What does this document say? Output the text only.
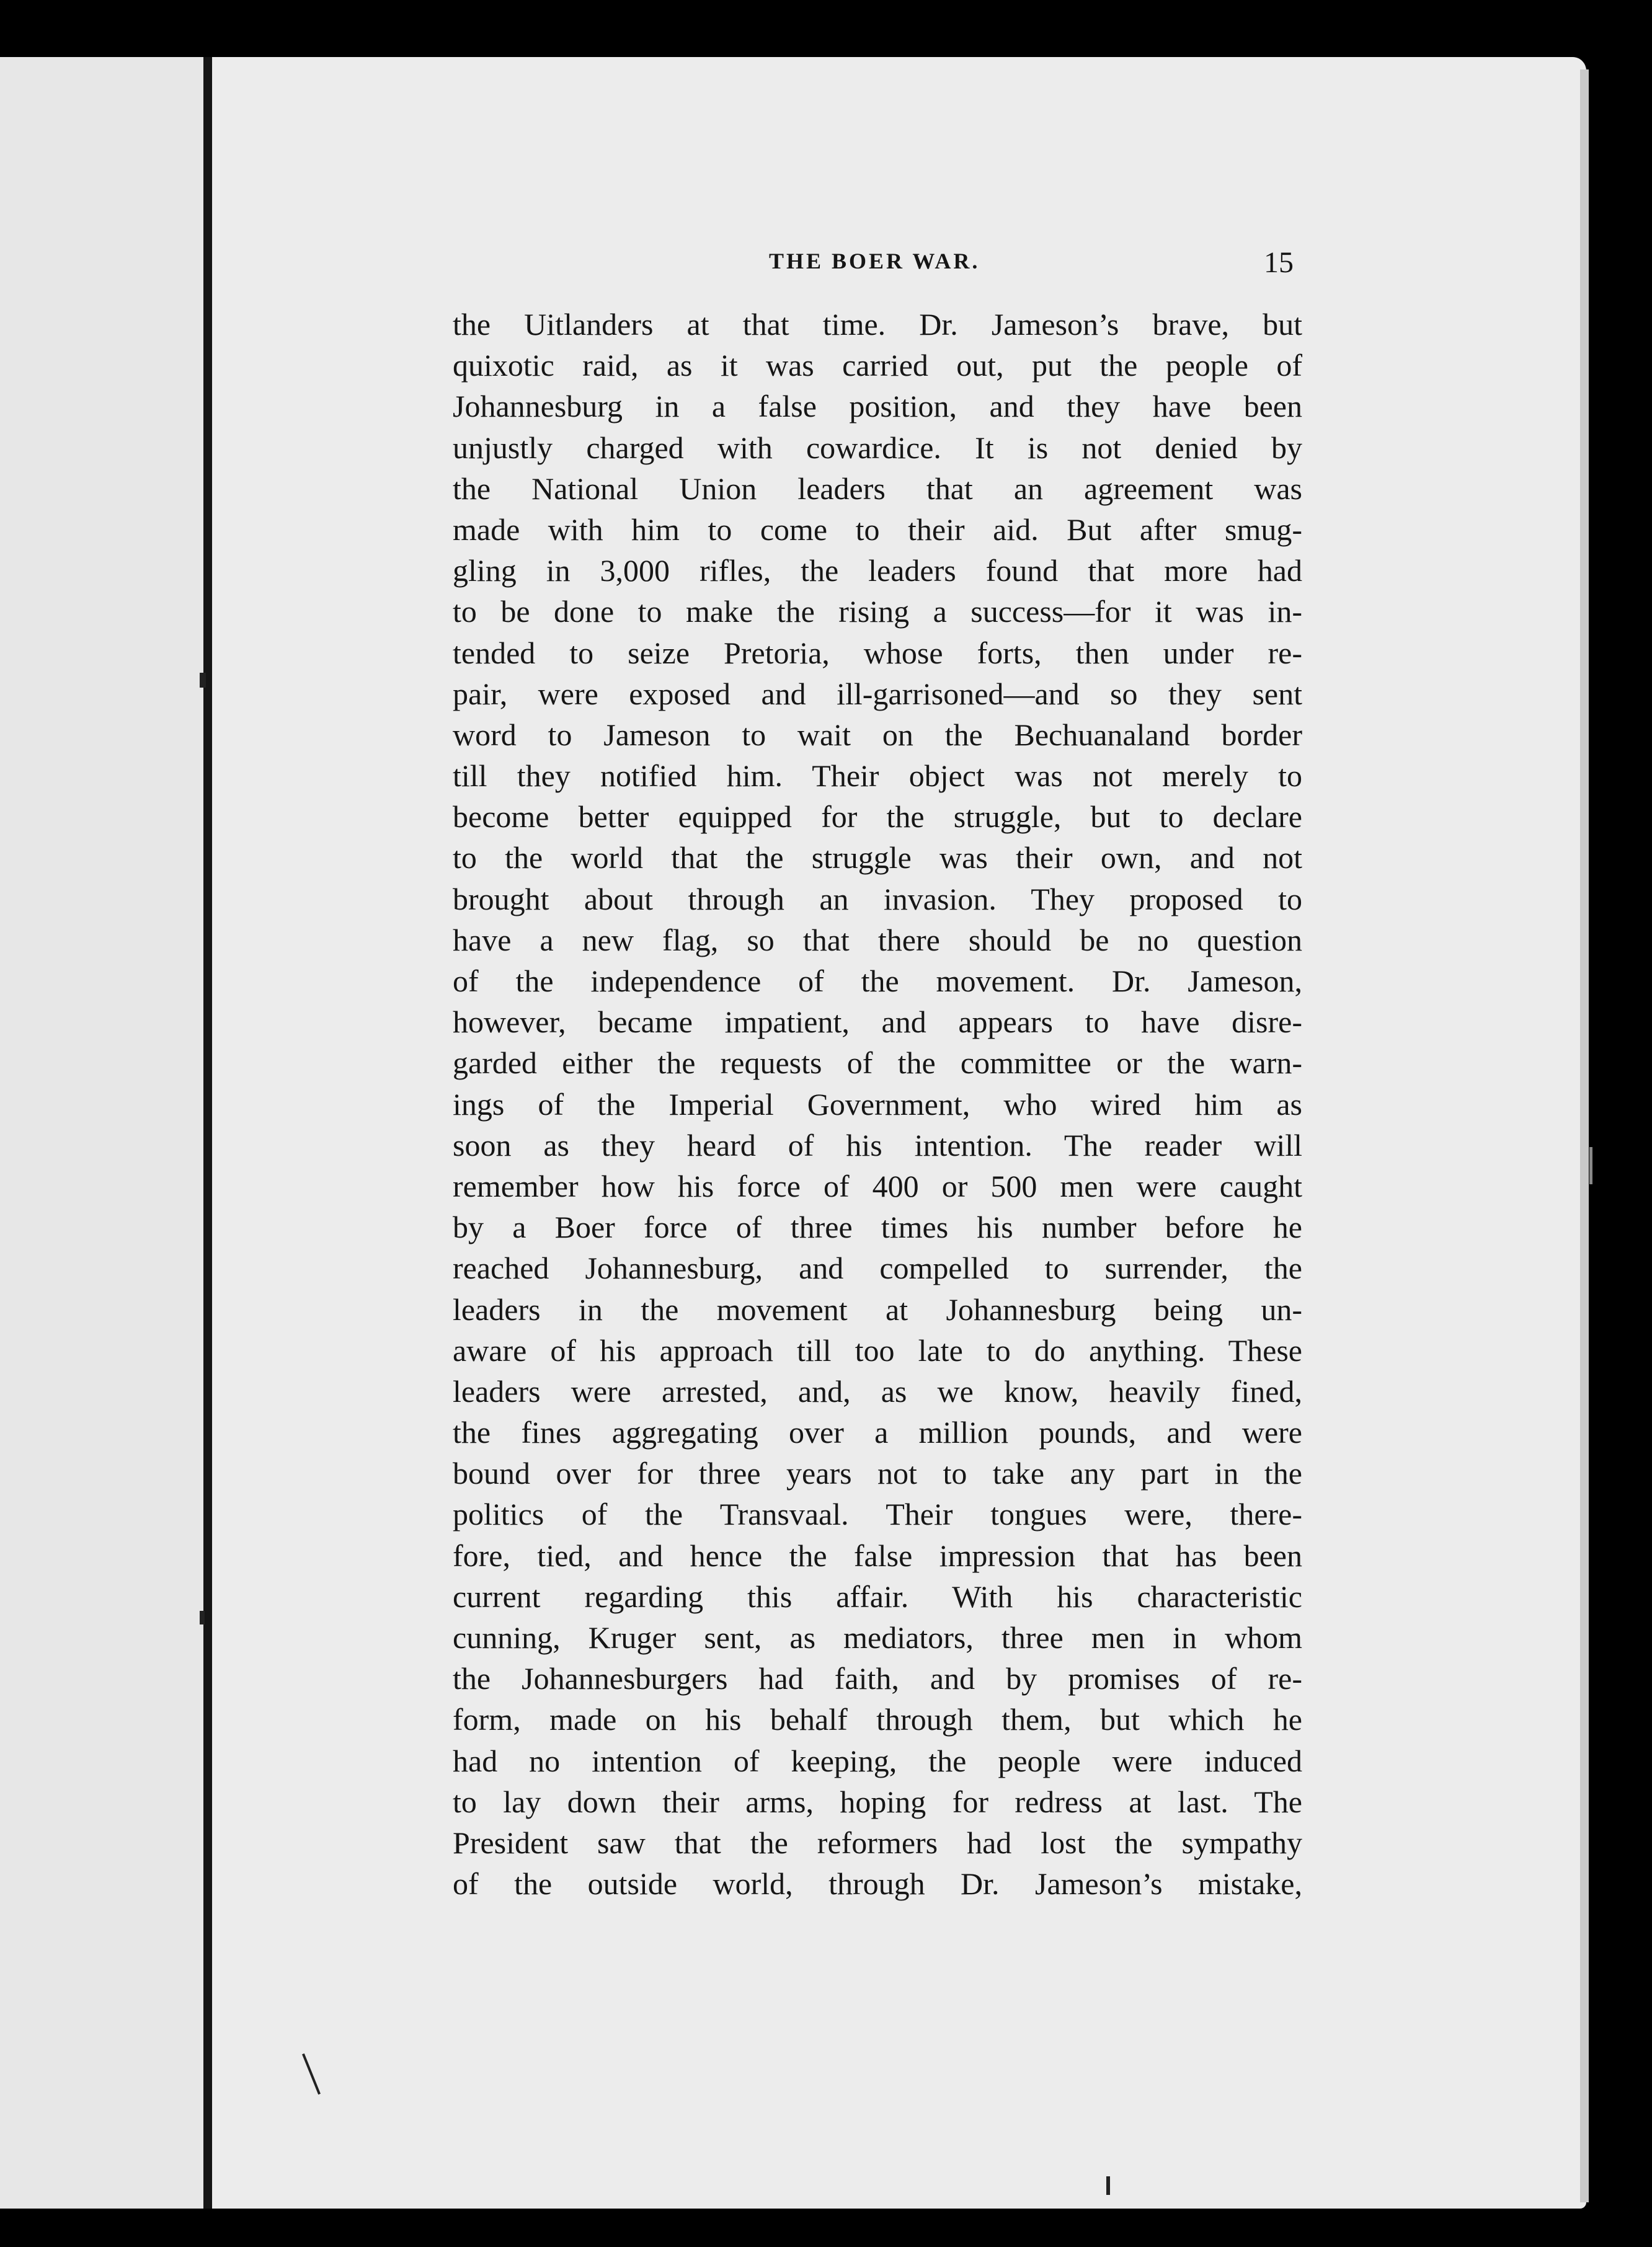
THE BOER WAR.	15
the Uitlanders at that time. Dr. Jameson’s brave, but
quixotic raid, as it was carried out, put the people of
Johannesburg in a false position, and they have been
unjustly charged with cowardice. It is not denied by
the National Union leaders that an agreement was
made with him to come to their aid. But after smug-
gling in 3,000 rifles, the leaders found that more had
to be done to make the rising a success—for it was in-
tended to seize Pretoria, whose forts, then under re-
pair, were exposed and ill-garrisoned—and so they sent
word to Jameson to wait on the Bechuanaland border
till they notified him. Their object was not merely to
become better equipped for the struggle, but to declare
to the world that the struggle was their own, and not
brought about through an invasion. They proposed to
have a new flag, so that there should be no question
of the independence of the movement. Dr. Jameson,
however, became impatient, and appears to have disre-
garded either the requests of the committee or the warn-
ings of the Imperial Government, who wired him as
soon as they heard of his intention. The reader will
remember how his force of 400 or 500 men were caught
by a Boer force of three times his number before he
reached Johannesburg, and compelled to surrender, the
leaders in the movement at Johannesburg being un-
aware of his approach till too late to do anything. These
leaders were arrested, and, as we know, heavily fined,
the fines aggregating over a million pounds, and were
bound over for three years not to take any part in the
politics of the Transvaal. Their tongues were, there-
fore, tied, and hence the false impression that has been
current regarding this affair. With his characteristic
cunning, Kruger sent, as mediators, three men in whom
the Johannesburgers had faith, and by promises of re-
form, made on his behalf through them, but which he
had no intention of keeping, the people were induced
to lay down their arms, hoping for redress at last. The
President saw that the reformers had lost the sympathy
of the outside world, through Dr. Jameson’s mistake,
